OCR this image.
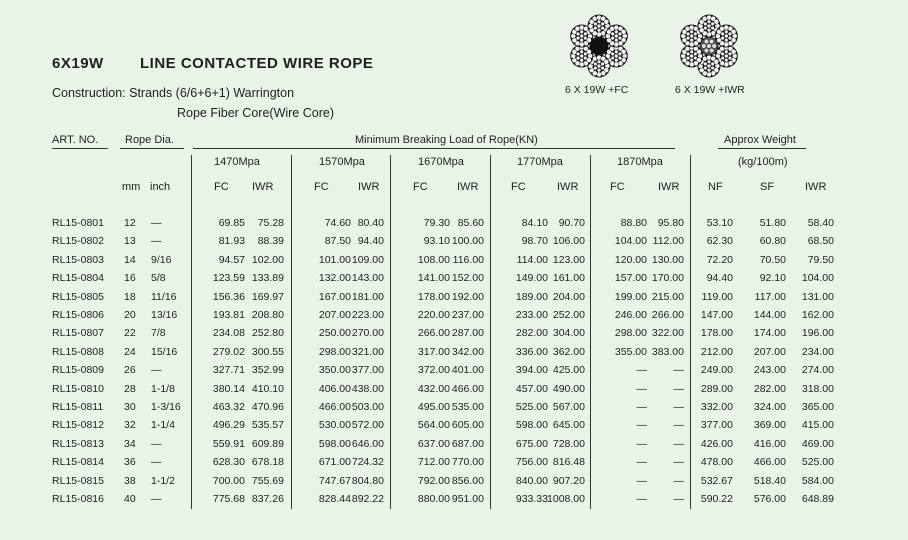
6X19W LINE CONTACTED WIRE ROPE
Construction: Strands (6/6+6+1) Warrington
Rope Fiber Core(Wire Core)
6 X 19W +FC	6 X 19W +IWR
ART. NO. Rope Dia.	Minimum Breaking Load of Rope(KN)	Approx Weight
1470Mpa	1570Mpa	1670Mpa	1770Mpa	1870Mpa	(kg/100m)
mm inch	FC IWR	FC	IWR	FC	IWR	FC	IWR	FC	IWR	NF	SF	IWR
RL15-0801 12 —	69.85	75.28	74.60 80.40	79.30 85.60	84.10	90.70	88.80	95.80	53.10	51.80	58.40
RL15-0802 13 —	81.93	88.39	87.50 94.40	93.10 100.00	98.70 106.00	104.00 112.00	62.30	60.80	68.50
RL15-0803 14 9/16	94.57 102.00	101.00 109.00	108.00 116.00	114.00 123.00	120.00 130.00	72.20	70.50	79.50
RL15-0804 16 5/8	123.59 133.89	132.00 143.00	141.00 152.00	149.00 161.00	157.00 170.00	94.40	92.10	104.00
RL15-0805 18 11/16	156.36 169.97	167.00 181.00	178.00 192.00	189.00 204.00	199.00 215.00	119.00	117.00	131.00
RL15-0806 20 13/16	193.81 208.80	207.00 223.00	220.00 237.00	233.00 252.00	246.00 266.00	147.00	144.00	162.00
RL15-0807 22 7/8	234.08 252.80	250.00 270.00	266.00 287.00	282.00 304.00	298.00 322.00	178.00	174.00	196.00
RL15-0808 24 15/16	279.02 300.55	298.00 321.00	317.00 342.00	336.00 362.00	355.00 383.00	212.00	207.00	234.00
RL15-0809 26 —	327.71 352.99	350.00 377.00	372.00 401.00	394.00 425.00	—	—	249.00	243.00	274.00
RL15-0810 28 1-1/8	380.14 410.10	406.00 438.00	432.00 466.00	457.00 490.00	—	—	289.00	282.00	318.00
RL15-0811 30 1-3/16	463.32 470.96	466.00 503.00	495.00 535.00	525.00 567.00	—	—	332.00	324.00	365.00
RL15-0812 32 1-1/4	496.29 535.57	530.00 572.00	564.00 605.00	598.00 645.00	—	—	377.00	369.00	415.00
RL15-0813 34 —	559.91 609.89	598.00 646.00	637.00 687.00	675.00 728.00	—	—	426.00	416.00	469.00
RL15-0814 36 —	628.30 678.18	671.00 724.32	712.00 770.00	756.00 816.48	—	—	478.00	466.00	525.00
RL15-0815 38 1-1/2	700.00 755.69	747.67 804.80	792.00 856.00	840.00 907.20	—	—	532.67	518.40	584.00
RL15-0816 40 —	775.68 837.26	828.44 892.22	880.00 951.00	933.33 1008.00	—	—	590.22	576.00	648.89
